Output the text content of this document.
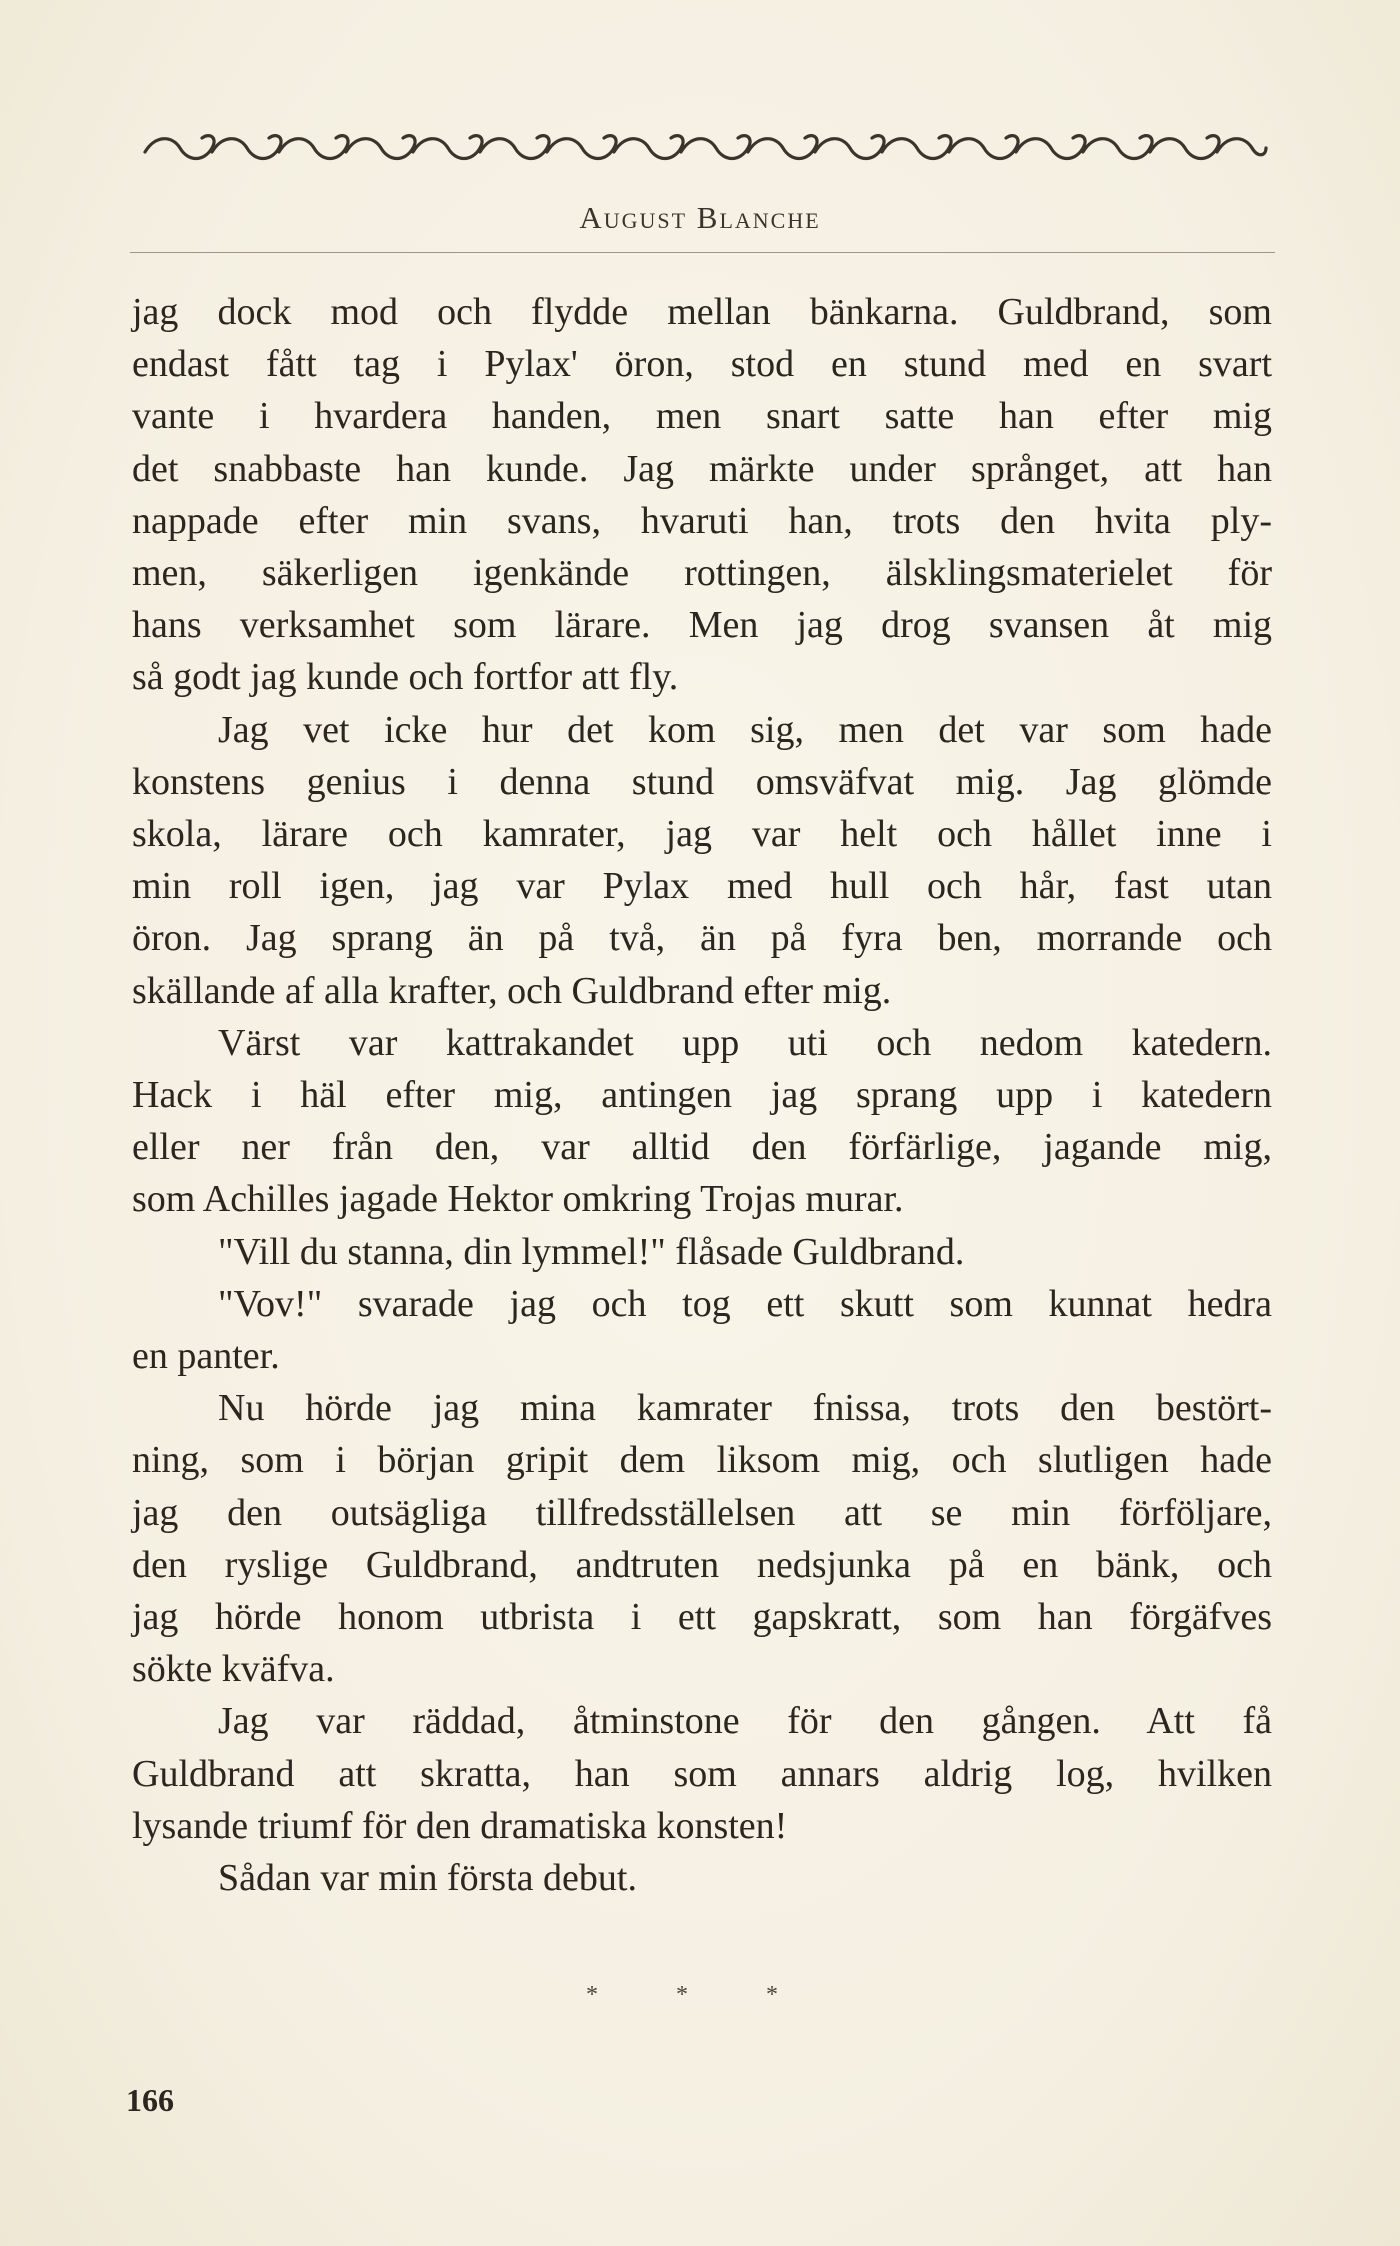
August Blanche
jag dock mod och flydde mellan bänkarna. Guldbrand, som
endast fått tag i Pylax' öron, stod en stund med en svart
vante i hvardera handen, men snart satte han efter mig
det snabbaste han kunde. Jag märkte under språnget, att han
nappade efter min svans, hvaruti han, trots den hvita ply-
men, säkerligen igenkände rottingen, älsklingsmaterielet för
hans verksamhet som lärare. Men jag drog svansen åt mig
så godt jag kunde och fortfor att fly.
Jag vet icke hur det kom sig, men det var som hade
konstens genius i denna stund omsväfvat mig. Jag glömde
skola, lärare och kamrater, jag var helt och hållet inne i
min roll igen, jag var Pylax med hull och hår, fast utan
öron. Jag sprang än på två, än på fyra ben, morrande och
skällande af alla krafter, och Guldbrand efter mig.
Värst var kattrakandet upp uti och nedom katedern.
Hack i häl efter mig, antingen jag sprang upp i katedern
eller ner från den, var alltid den förfärlige, jagande mig,
som Achilles jagade Hektor omkring Trojas murar.
"Vill du stanna, din lymmel!" flåsade Guldbrand.
"Vov!" svarade jag och tog ett skutt som kunnat hedra
en panter.
Nu hörde jag mina kamrater fnissa, trots den bestört-
ning, som i början gripit dem liksom mig, och slutligen hade
jag den outsägliga tillfredsställelsen att se min förföljare,
den ryslige Guldbrand, andtruten nedsjunka på en bänk, och
jag hörde honom utbrista i ett gapskratt, som han förgäfves
sökte kväfva.
Jag var räddad, åtminstone för den gången. Att få
Guldbrand att skratta, han som annars aldrig log, hvilken
lysande triumf för den dramatiska konsten!
Sådan var min första debut.
* * *
166
